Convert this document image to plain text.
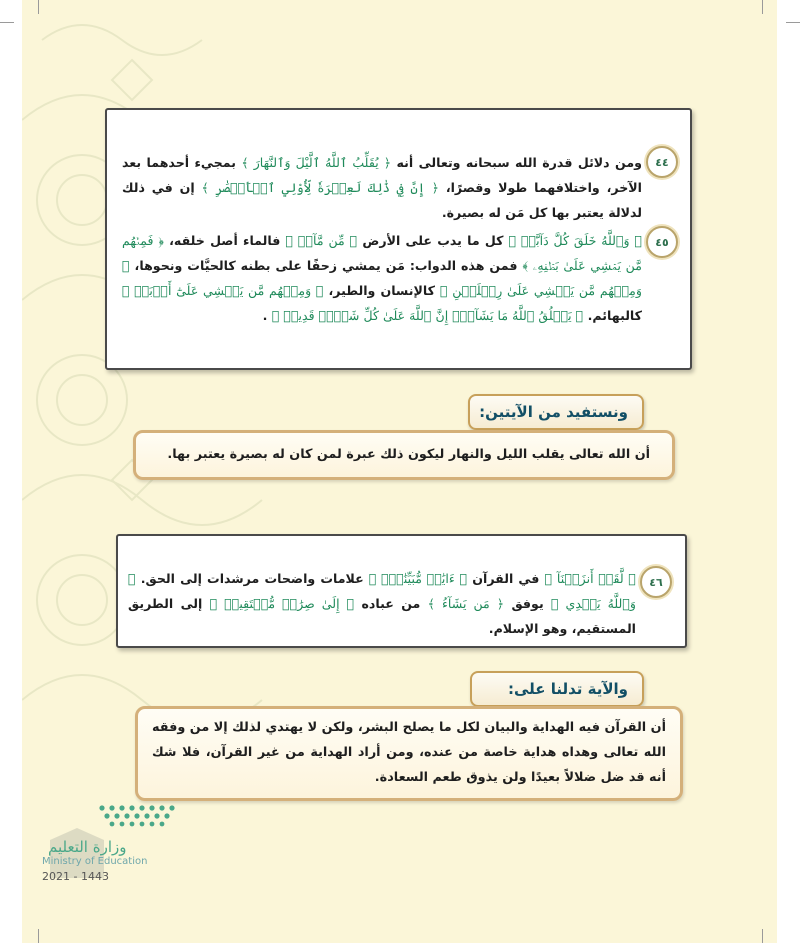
٤٤
ومن دلائل قدرة الله سبحانه وتعالى أنه ﴿ يُقَلِّبُ ٱللَّهُ ٱلَّيْلَ وَٱلنَّهَارَ ﴾ بمجيء أحدهما بعد الآخر، واختلافهما طولا وقصرًا، ﴿ إِنَّ فِي ذَٰلِكَ لَعِبۡرَةٗ لِّأُوْلِي ٱلۡأَبۡصَٰرِ ﴾ إن في ذلك لدلالة يعتبر بها كل مَن له بصيرة.
٤٥
﴿ وَٱللَّهُ خَلَقَ كُلَّ دَآبَّةٖ ﴾ كل ما يدب على الأرض ﴿ مِّن مَّآءٖ ﴾ فالماء أصل خلقه، ﴿ فَمِنۡهُم مَّن يَمۡشِي عَلَىٰ بَطۡنِهِۦ ﴾ فمن هذه الدواب: مَن يمشي زحفًا على بطنه كالحيَّات ونحوها، ﴿ وَمِنۡهُم مَّن يَمۡشِي عَلَىٰ رِجۡلَيۡنِ ﴾ كالإنسان والطير، ﴿ وَمِنۡهُم مَّن يَمۡشِي عَلَىٰٓ أَرۡبَعٖ ﴾ كالبهائم. ﴿ يَخۡلُقُ ٱللَّهُ مَا يَشَآءُۚ إِنَّ ٱللَّهَ عَلَىٰ كُلِّ شَيۡءٖ قَدِيرٞ ﴾ .
ونستفيد من الآيتين:
أن الله تعالى يقلب الليل والنهار ليكون ذلك عبرة لمن كان له بصيرة يعتبر بها.
٤٦
﴿ لَّقَدۡ أَنزَلۡنَآ ﴾ في القرآن ﴿ ءَايَٰتٖ مُّبَيِّنَٰتٖۚ ﴾ علامات واضحات مرشدات إلى الحق. ﴿ وَٱللَّهُ يَهۡدِي ﴾ يوفق ﴿ مَن يَشَآءُ ﴾ من عباده ﴿ إِلَىٰ صِرَٰطٖ مُّسۡتَقِيمٖ ﴾ إلى الطريق المستقيم، وهو الإسلام.
والآية تدلنا على:
أن القرآن فيه الهداية والبيان لكل ما يصلح البشر، ولكن لا يهتدي لذلك إلا من وفقه الله تعالى وهداه هداية خاصة من عنده، ومن أراد الهداية من غير القرآن، فلا شك أنه قد ضل ضلالاً بعيدًا ولن يذوق طعم السعادة.
وزارة التعليم
Ministry of Education
2021 - 1443
